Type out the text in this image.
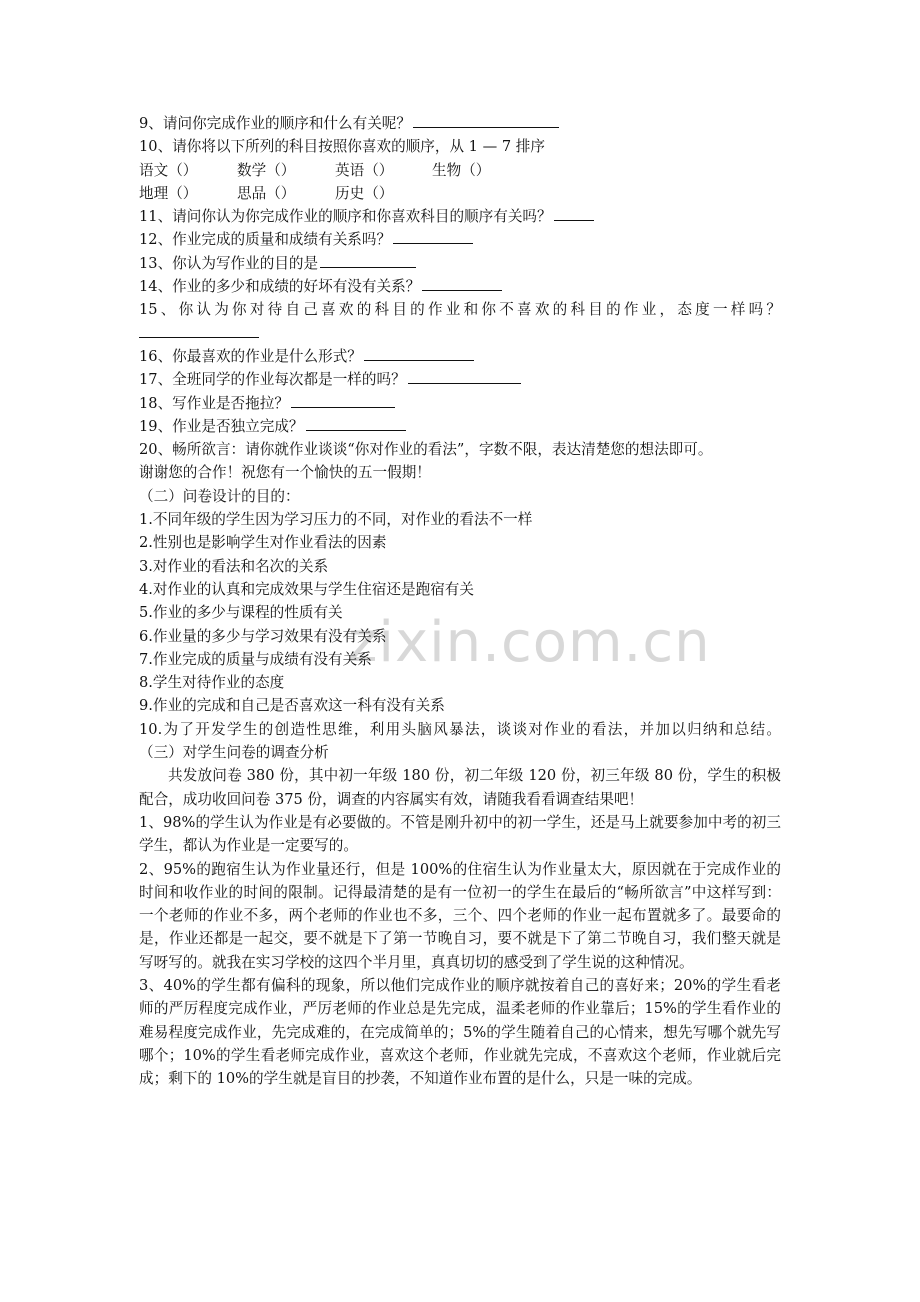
zixin.com.cn
9、请问你完成作业的顺序和什么有关呢？
10、请你将以下所列的科目按照你喜欢的顺序，从 1 — 7 排序
语文（）	数学（）	英语（）	生物（）
地理（）	思品（）	历史（）
11、请问你认为你完成作业的顺序和你喜欢科目的顺序有关吗？
12、作业完成的质量和成绩有关系吗？
13、你认为写作业的目的是
14、作业的多少和成绩的好坏有没有关系？
15、你认为你对待自己喜欢的科目的作业和你不喜欢的科目的作业，态度一样吗？
16、你最喜欢的作业是什么形式？
17、全班同学的作业每次都是一样的吗？
18、写作业是否拖拉？
19、作业是否独立完成？
20、畅所欲言：请你就作业谈谈“你对作业的看法”，字数不限，表达清楚您的想法即可。
谢谢您的合作！祝您有一个愉快的五一假期！
（二）问卷设计的目的：
1.不同年级的学生因为学习压力的不同，对作业的看法不一样
2.性别也是影响学生对作业看法的因素
3.对作业的看法和名次的关系
4.对作业的认真和完成效果与学生住宿还是跑宿有关
5.作业的多少与课程的性质有关
6.作业量的多少与学习效果有没有关系
7.作业完成的质量与成绩有没有关系
8.学生对待作业的态度
9.作业的完成和自己是否喜欢这一科有没有关系
10.为了开发学生的创造性思维，利用头脑风暴法，谈谈对作业的看法，并加以归纳和总结。
（三）对学生问卷的调查分析
共发放问卷 380 份，其中初一年级 180 份，初二年级 120 份，初三年级 80 份，学生的积极配合，成功收回问卷 375 份，调查的内容属实有效，请随我看看调查结果吧！
1、98%的学生认为作业是有必要做的。不管是刚升初中的初一学生，还是马上就要参加中考的初三学生，都认为作业是一定要写的。
2、95%的跑宿生认为作业量还行，但是 100%的住宿生认为作业量太大，原因就在于完成作业的时间和收作业的时间的限制。记得最清楚的是有一位初一的学生在最后的“畅所欲言”中这样写到：一个老师的作业不多，两个老师的作业也不多，三个、四个老师的作业一起布置就多了。最要命的是，作业还都是一起交，要不就是下了第一节晚自习，要不就是下了第二节晚自习，我们整天就是写呀写的。就我在实习学校的这四个半月里，真真切切的感受到了学生说的这种情况。
3、40%的学生都有偏科的现象，所以他们完成作业的顺序就按着自己的喜好来；20%的学生看老师的严厉程度完成作业，严厉老师的作业总是先完成，温柔老师的作业靠后；15%的学生看作业的难易程度完成作业，先完成难的，在完成简单的；5%的学生随着自己的心情来，想先写哪个就先写哪个；10%的学生看老师完成作业，喜欢这个老师，作业就先完成，不喜欢这个老师，作业就后完成；剩下的 10%的学生就是盲目的抄袭，不知道作业布置的是什么，只是一味的完成。
